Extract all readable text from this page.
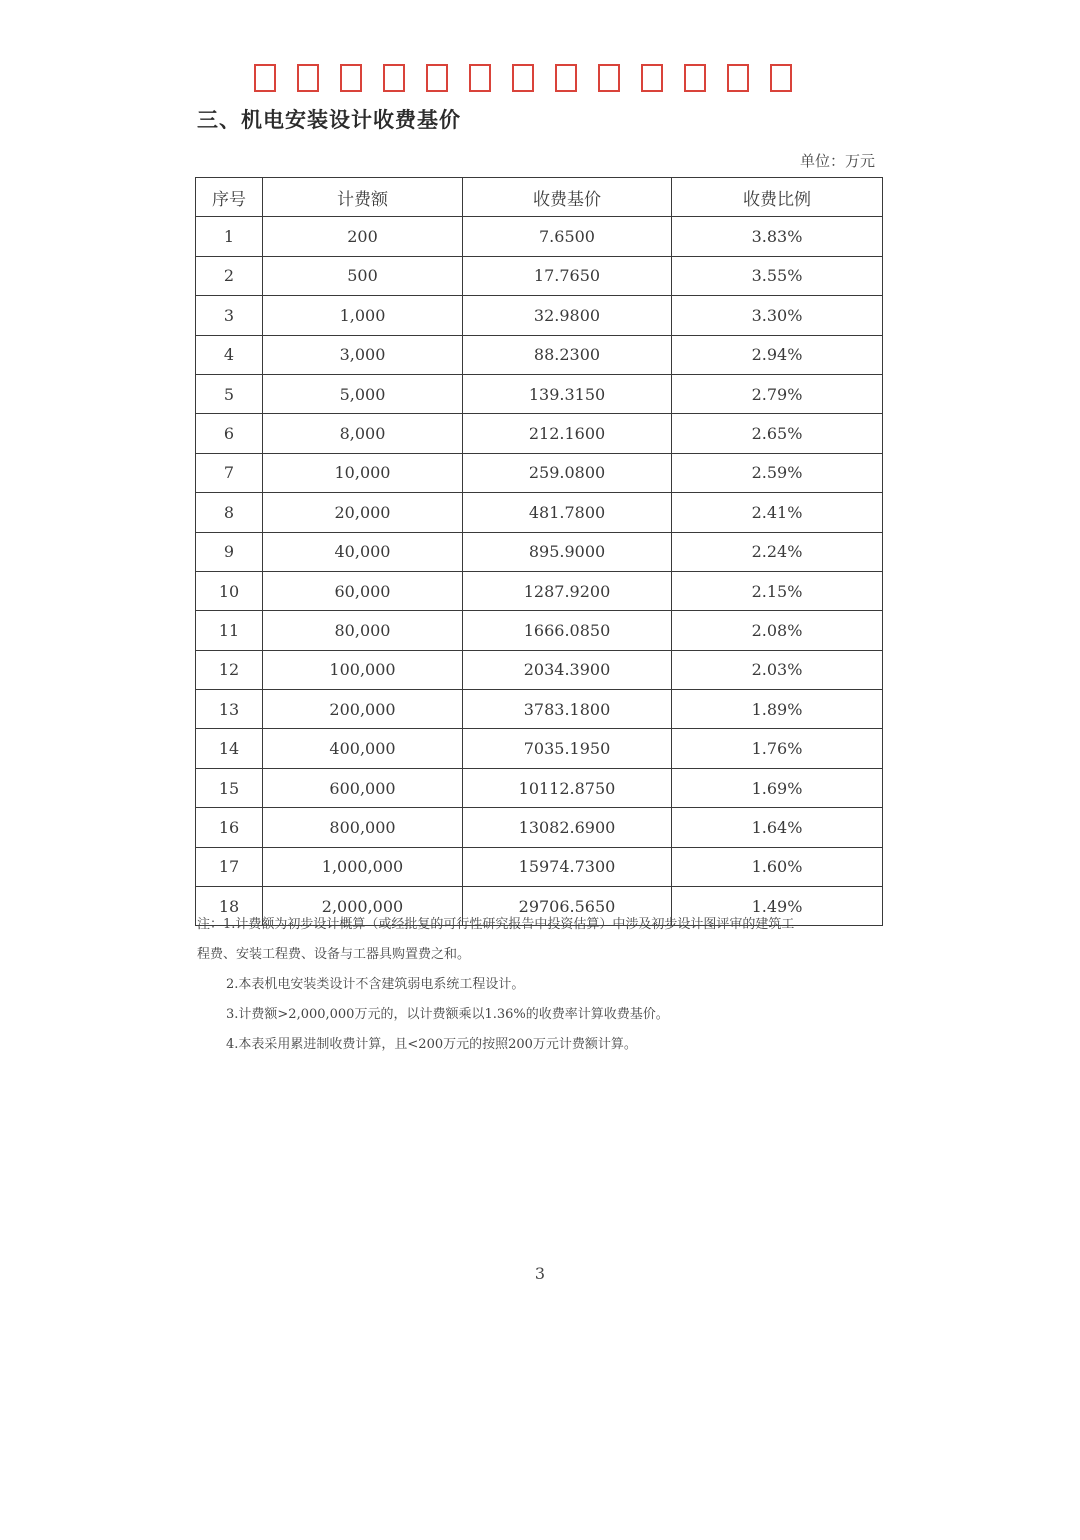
三、机电安装设计收费基价
单位：万元
序号	计费额	收费基价	收费比例
1	200	7.6500	3.83%
2	500	17.7650	3.55%
3	1,000	32.9800	3.30%
4	3,000	88.2300	2.94%
5	5,000	139.3150	2.79%
6	8,000	212.1600	2.65%
7	10,000	259.0800	2.59%
8	20,000	481.7800	2.41%
9	40,000	895.9000	2.24%
10	60,000	1287.9200	2.15%
11	80,000	1666.0850	2.08%
12	100,000	2034.3900	2.03%
13	200,000	3783.1800	1.89%
14	400,000	7035.1950	1.76%
15	600,000	10112.8750	1.69%
16	800,000	13082.6900	1.64%
17	1,000,000	15974.7300	1.60%
18	2,000,000	29706.5650	1.49%

注：1.计费额为初步设计概算（或经批复的可行性研究报告中投资估算）中涉及初步设计图评审的建筑工

程费、安装工程费、设备与工器具购置费之和。

2.本表机电安装类设计不含建筑弱电系统工程设计。

3.计费额>2,000,000万元的，以计费额乘以1.36%的收费率计算收费基价。

4.本表采用累进制收费计算，且<200万元的按照200万元计费额计算。

3
